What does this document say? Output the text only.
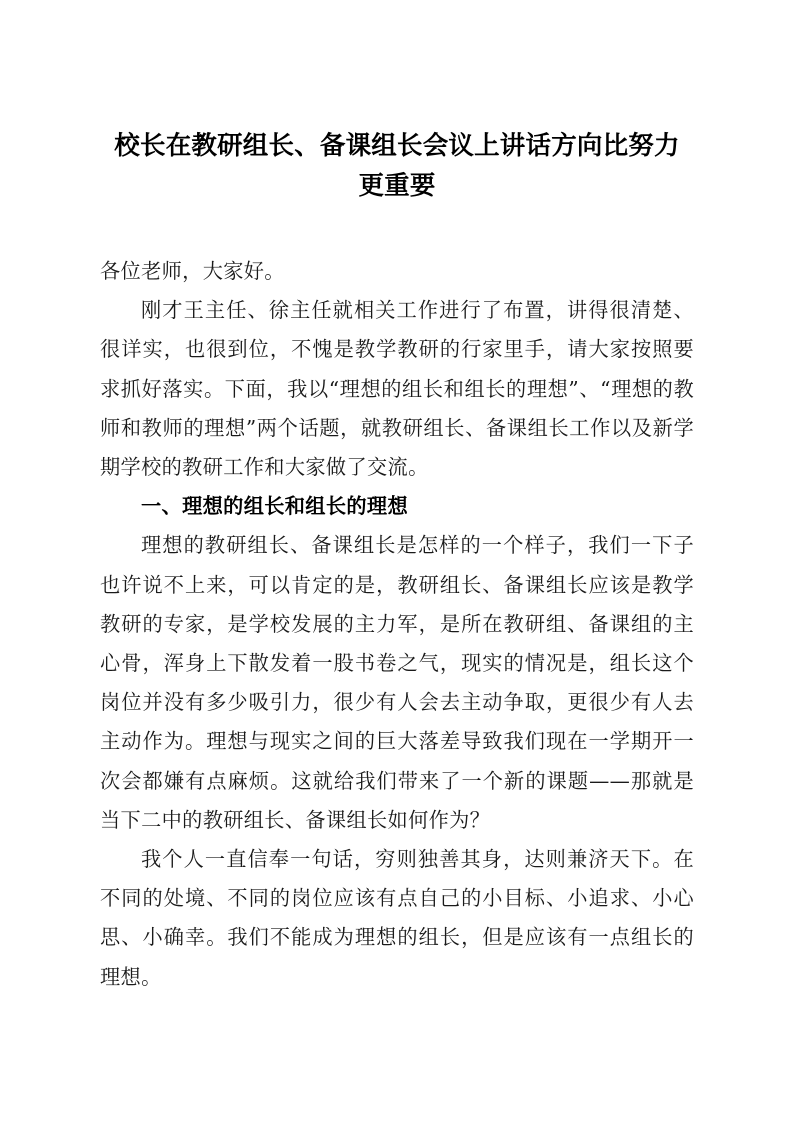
校长在教研组长、备课组长会议上讲话方向比努力更重要

各位老师，大家好。

刚才王主任、徐主任就相关工作进行了布置，讲得很清楚、很详实，也很到位，不愧是教学教研的行家里手，请大家按照要求抓好落实。下面，我以“理想的组长和组长的理想”、“理想的教师和教师的理想”两个话题，就教研组长、备课组长工作以及新学期学校的教研工作和大家做了交流。

一、理想的组长和组长的理想

理想的教研组长、备课组长是怎样的一个样子，我们一下子也许说不上来，可以肯定的是，教研组长、备课组长应该是教学教研的专家，是学校发展的主力军，是所在教研组、备课组的主心骨，浑身上下散发着一股书卷之气，现实的情况是，组长这个岗位并没有多少吸引力，很少有人会去主动争取，更很少有人去主动作为。理想与现实之间的巨大落差导致我们现在一学期开一次会都嫌有点麻烦。这就给我们带来了一个新的课题——那就是当下二中的教研组长、备课组长如何作为？

我个人一直信奉一句话，穷则独善其身，达则兼济天下。在不同的处境、不同的岗位应该有点自己的小目标、小追求、小心思、小确幸。我们不能成为理想的组长，但是应该有一点组长的理想。
